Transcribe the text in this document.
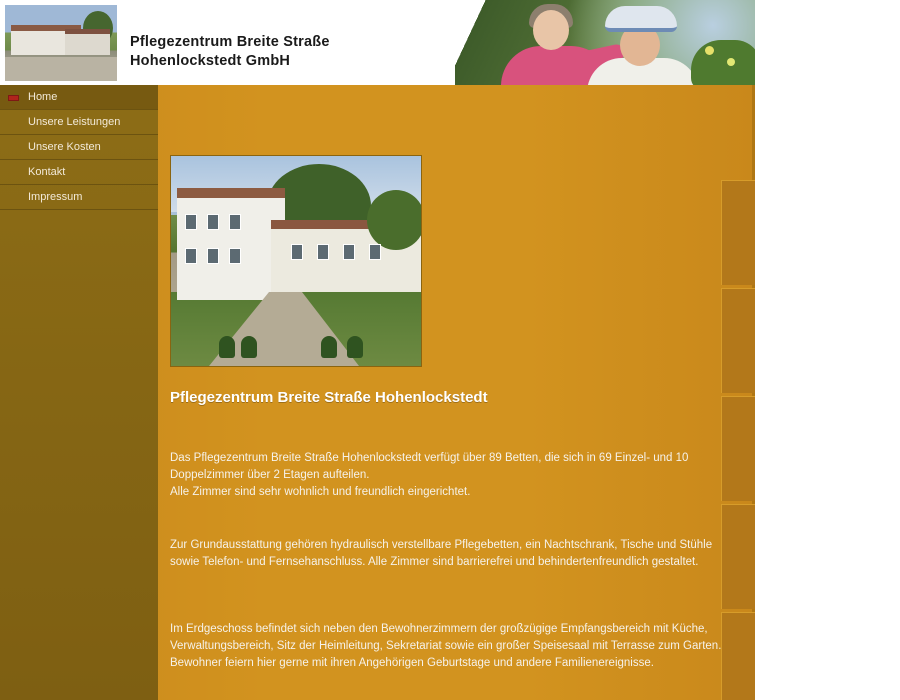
Pflegezentrum Breite Straße
Hohenlockstedt GmbH
Home
Unsere Leistungen
Unsere Kosten
Kontakt
Impressum
Pflegezentrum Breite Straße Hohenlockstedt

Das Pflegezentrum Breite Straße Hohenlockstedt verfügt über 89 Betten, die sich in 69 Einzel- und 10 Doppelzimmer über 2 Etagen aufteilen.
Alle Zimmer sind sehr wohnlich und freundlich eingerichtet.

Zur Grundausstattung gehören hydraulisch verstellbare Pflegebetten, ein Nachtschrank, Tische und Stühle sowie Telefon- und Fernsehanschluss. Alle Zimmer sind barrierefrei und behindertenfreundlich gestaltet.

Im Erdgeschoss befindet sich neben den Bewohnerzimmern der großzügige Empfangsbereich mit Küche, Verwaltungsbereich, Sitz der Heimleitung, Sekretariat sowie ein großer Speisesaal mit Terrasse zum Garten.
Bewohner feiern hier gerne mit ihren Angehörigen Geburtstage und andere Familienereignisse.
